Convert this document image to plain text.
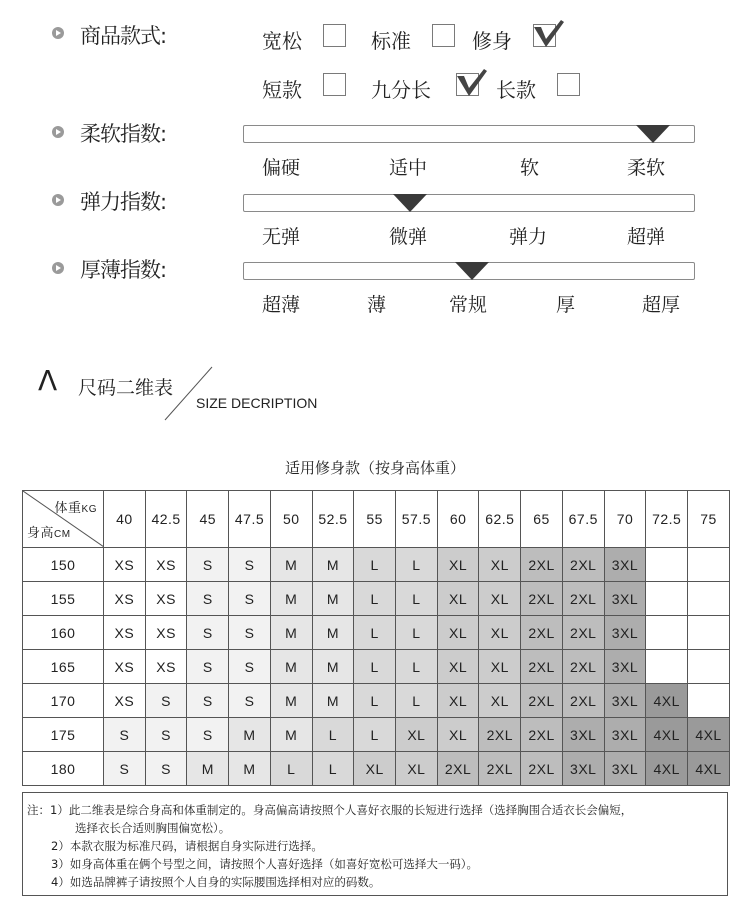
商品款式:	宽松	标准	修身
短款	九分长	长款
柔软指数:
偏硬	适中	软	柔软
弹力指数:
无弹	微弹	弹力	超弹
厚薄指数:
超薄	薄	常规	厚	超厚
Λ 尺码二维表
SIZE DECRIPTION
适用修身款（按身高体重）
体重KG
身高CM	40	42.5	45	47.5	50	52.5	55	57.5	60	62.5	65	67.5	70	72.5	75
150	XS	XS	S	S	M	M	L	L	XL	XL	2XL	2XL	3XL		
155	XS	XS	S	S	M	M	L	L	XL	XL	2XL	2XL	3XL		
160	XS	XS	S	S	M	M	L	L	XL	XL	2XL	2XL	3XL		
165	XS	XS	S	S	M	M	L	L	XL	XL	2XL	2XL	3XL		
170	XS	S	S	S	M	M	L	L	XL	XL	2XL	2XL	3XL	4XL	
175	S	S	S	M	M	L	L	XL	XL	2XL	2XL	3XL	3XL	4XL	4XL
180	S	S	M	M	L	L	XL	XL	2XL	2XL	2XL	3XL	3XL	4XL	4XL
注：1）此二维表是综合身高和体重制定的。身高偏高请按照个人喜好衣服的长短进行选择（选择胸围合适衣长会偏短，
选择衣长合适则胸围偏宽松）。
2）本款衣服为标准尺码，请根据自身实际进行选择。
3）如身高体重在俩个号型之间，请按照个人喜好选择（如喜好宽松可选择大一码）。
4）如选品牌裤子请按照个人自身的实际腰围选择相对应的码数。
